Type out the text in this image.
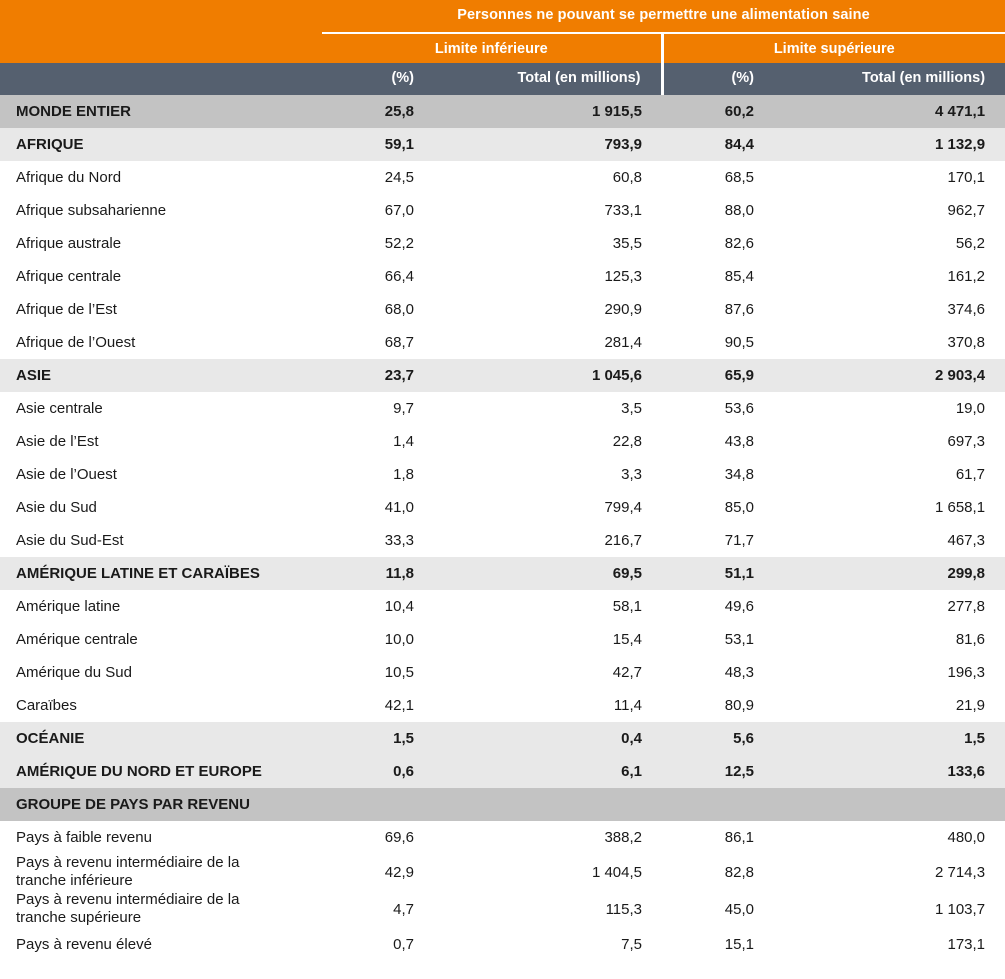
	Personnes ne pouvant se permettre une alimentation saine			
	Limite inférieure		Limite supérieure	
	(%)	Total (en millions)	(%)	Total (en millions)
MONDE ENTIER	25,8	1 915,5	60,2	4 471,1
AFRIQUE	59,1	793,9	84,4	1 132,9
Afrique du Nord	24,5	60,8	68,5	170,1
Afrique subsaharienne	67,0	733,1	88,0	962,7
Afrique australe	52,2	35,5	82,6	56,2
Afrique centrale	66,4	125,3	85,4	161,2
Afrique de l’Est	68,0	290,9	87,6	374,6
Afrique de l’Ouest	68,7	281,4	90,5	370,8
ASIE	23,7	1 045,6	65,9	2 903,4
Asie centrale	9,7	3,5	53,6	19,0
Asie de l’Est	1,4	22,8	43,8	697,3
Asie de l’Ouest	1,8	3,3	34,8	61,7
Asie du Sud	41,0	799,4	85,0	1 658,1
Asie du Sud-Est	33,3	216,7	71,7	467,3
AMÉRIQUE LATINE ET CARAÏBES	11,8	69,5	51,1	299,8
Amérique latine	10,4	58,1	49,6	277,8
Amérique centrale	10,0	15,4	53,1	81,6
Amérique du Sud	10,5	42,7	48,3	196,3
Caraïbes	42,1	11,4	80,9	21,9
OCÉANIE	1,5	0,4	5,6	1,5
AMÉRIQUE DU NORD ET EUROPE	0,6	6,1	12,5	133,6
GROUPE DE PAYS PAR REVENU				
Pays à faible revenu	69,6	388,2	86,1	480,0

Pays à revenu intermédiaire de la
tranche inférieure	42,9	1 404,5	82,8	2 714,3

Pays à revenu intermédiaire de la
tranche supérieure	4,7	115,3	45,0	1 103,7
Pays à revenu élevé	0,7	7,5	15,1	173,1
